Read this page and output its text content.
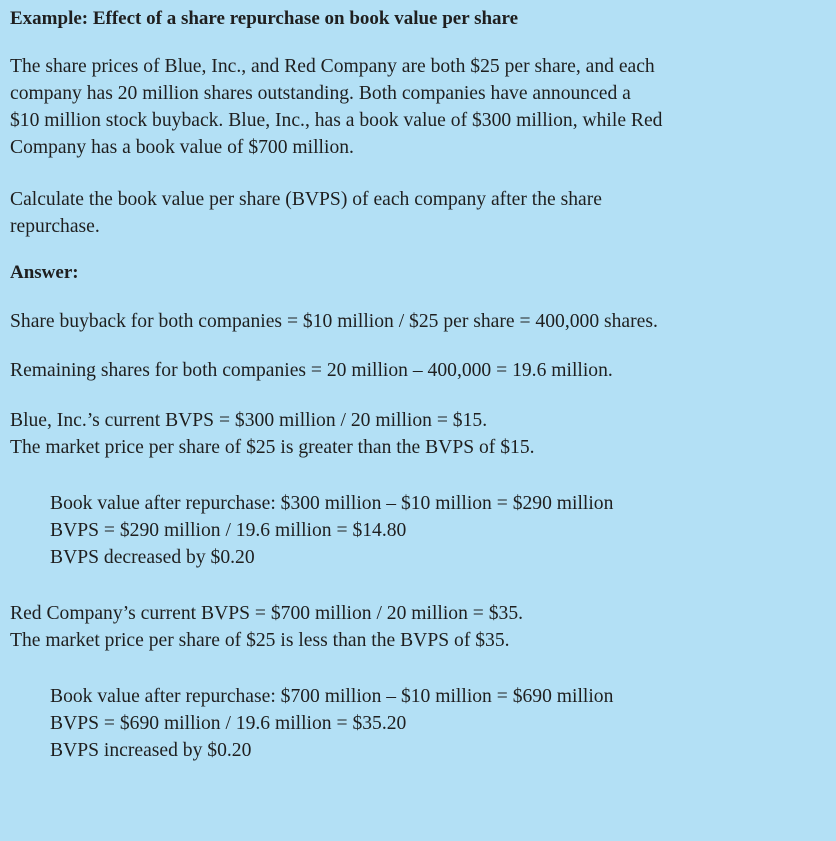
Example: Effect of a share repurchase on book value per share

The share prices of Blue, Inc., and Red Company are both $25 per share, and each
company has 20 million shares outstanding. Both companies have announced a
$10 million stock buyback. Blue, Inc., has a book value of $300 million, while Red
Company has a book value of $700 million.

Calculate the book value per share (BVPS) of each company after the share
repurchase.

Answer:

Share buyback for both companies = $10 million / $25 per share = 400,000 shares.

Remaining shares for both companies = 20 million – 400,000 = 19.6 million.

Blue, Inc.’s current BVPS = $300 million / 20 million = $15.
The market price per share of $25 is greater than the BVPS of $15.

Book value after repurchase: $300 million – $10 million = $290 million
BVPS = $290 million / 19.6 million = $14.80
BVPS decreased by $0.20

Red Company’s current BVPS = $700 million / 20 million = $35.
The market price per share of $25 is less than the BVPS of $35.

Book value after repurchase: $700 million – $10 million = $690 million
BVPS = $690 million / 19.6 million = $35.20
BVPS increased by $0.20
